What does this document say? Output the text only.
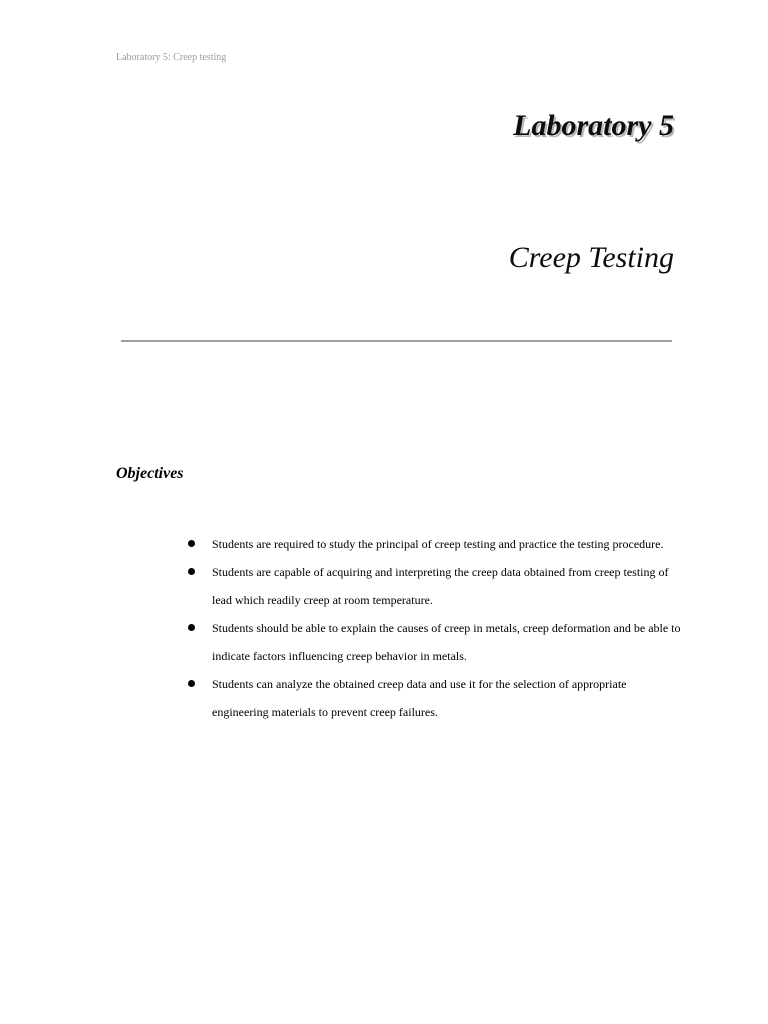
Laboratory 5: Creep testing
Laboratory 5
Creep Testing
Objectives
Students are required to study the principal of creep testing and practice the testing procedure.
Students are capable of acquiring and interpreting the creep data obtained from creep testing of lead which readily creep at room temperature.
Students should be able to explain the causes of creep in metals, creep deformation and be able to indicate factors influencing creep behavior in metals.
Students can analyze the obtained creep data and use it for the selection of appropriate engineering materials to prevent creep failures.
